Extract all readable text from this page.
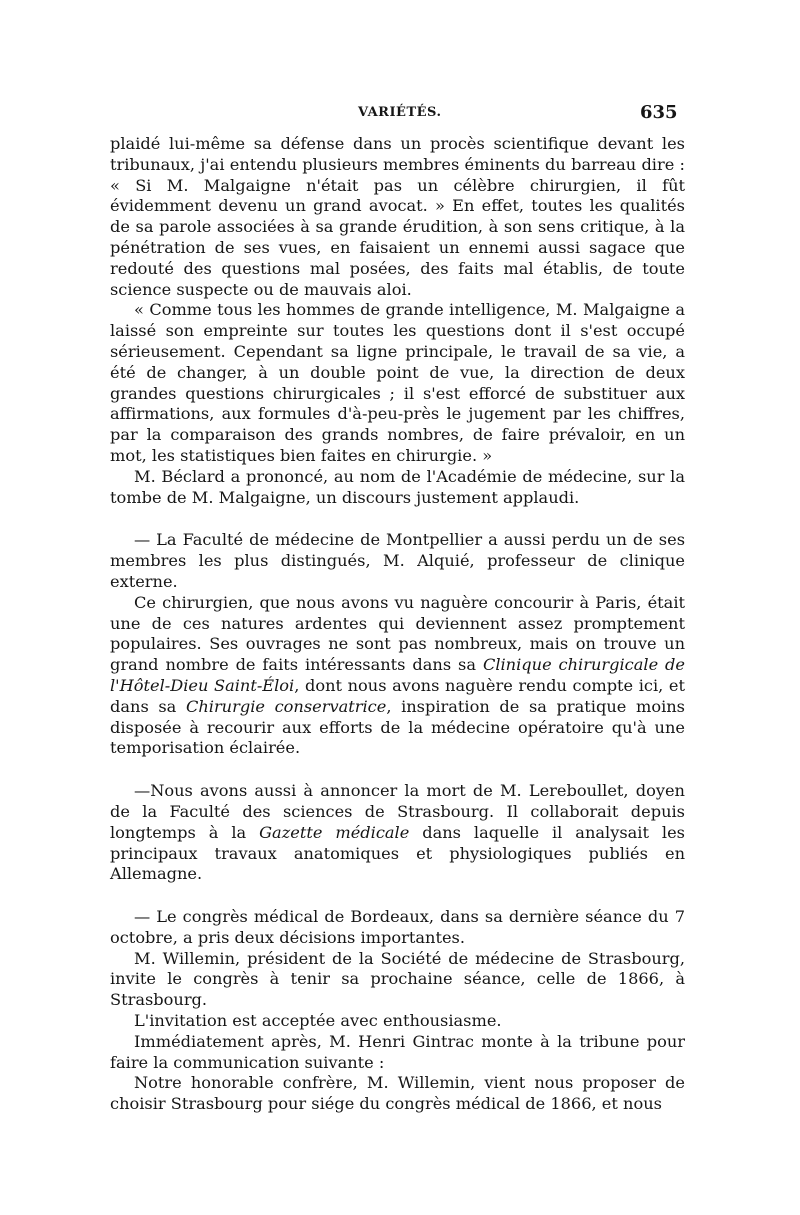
VARIÉTÉS.	635

plaidé lui-même sa défense dans un procès scientifique devant les tribunaux, j'ai entendu plusieurs membres éminents du barreau dire : « Si M. Malgaigne n'était pas un célèbre chirurgien, il fût évidemment devenu un grand avocat. » En effet, toutes les qualités de sa parole associées à sa grande érudition, à son sens critique, à la pénétration de ses vues, en faisaient un ennemi aussi sagace que redouté des questions mal posées, des faits mal établis, de toute science suspecte ou de mauvais aloi.

« Comme tous les hommes de grande intelligence, M. Malgaigne a laissé son empreinte sur toutes les questions dont il s'est occupé sérieusement. Cependant sa ligne principale, le travail de sa vie, a été de changer, à un double point de vue, la direction de deux grandes questions chirurgicales ; il s'est efforcé de substituer aux affirmations, aux formules d'à-peu-près le jugement par les chiffres, par la comparaison des grands nombres, de faire prévaloir, en un mot, les statistiques bien faites en chirurgie. »

M. Béclard a prononcé, au nom de l'Académie de médecine, sur la tombe de M. Malgaigne, un discours justement applaudi.

— La Faculté de médecine de Montpellier a aussi perdu un de ses membres les plus distingués, M. Alquié, professeur de clinique externe.

Ce chirurgien, que nous avons vu naguère concourir à Paris, était une de ces natures ardentes qui deviennent assez promptement populaires. Ses ouvrages ne sont pas nombreux, mais on trouve un grand nombre de faits intéressants dans sa Clinique chirurgicale de l'Hôtel-Dieu Saint-Éloi, dont nous avons naguère rendu compte ici, et dans sa Chirurgie conservatrice, inspiration de sa pratique moins disposée à recourir aux efforts de la médecine opératoire qu'à une temporisation éclairée.

—Nous avons aussi à annoncer la mort de M. Lereboullet, doyen de la Faculté des sciences de Strasbourg. Il collaborait depuis longtemps à la Gazette médicale dans laquelle il analysait les principaux travaux anatomiques et physiologiques publiés en Allemagne.

— Le congrès médical de Bordeaux, dans sa dernière séance du 7 octobre, a pris deux décisions importantes.

M. Willemin, président de la Société de médecine de Strasbourg, invite le congrès à tenir sa prochaine séance, celle de 1866, à Strasbourg.

L'invitation est acceptée avec enthousiasme.

Immédiatement après, M. Henri Gintrac monte à la tribune pour faire la communication suivante :

Notre honorable confrère, M. Willemin, vient nous proposer de choisir Strasbourg pour siége du congrès médical de 1866, et nous
